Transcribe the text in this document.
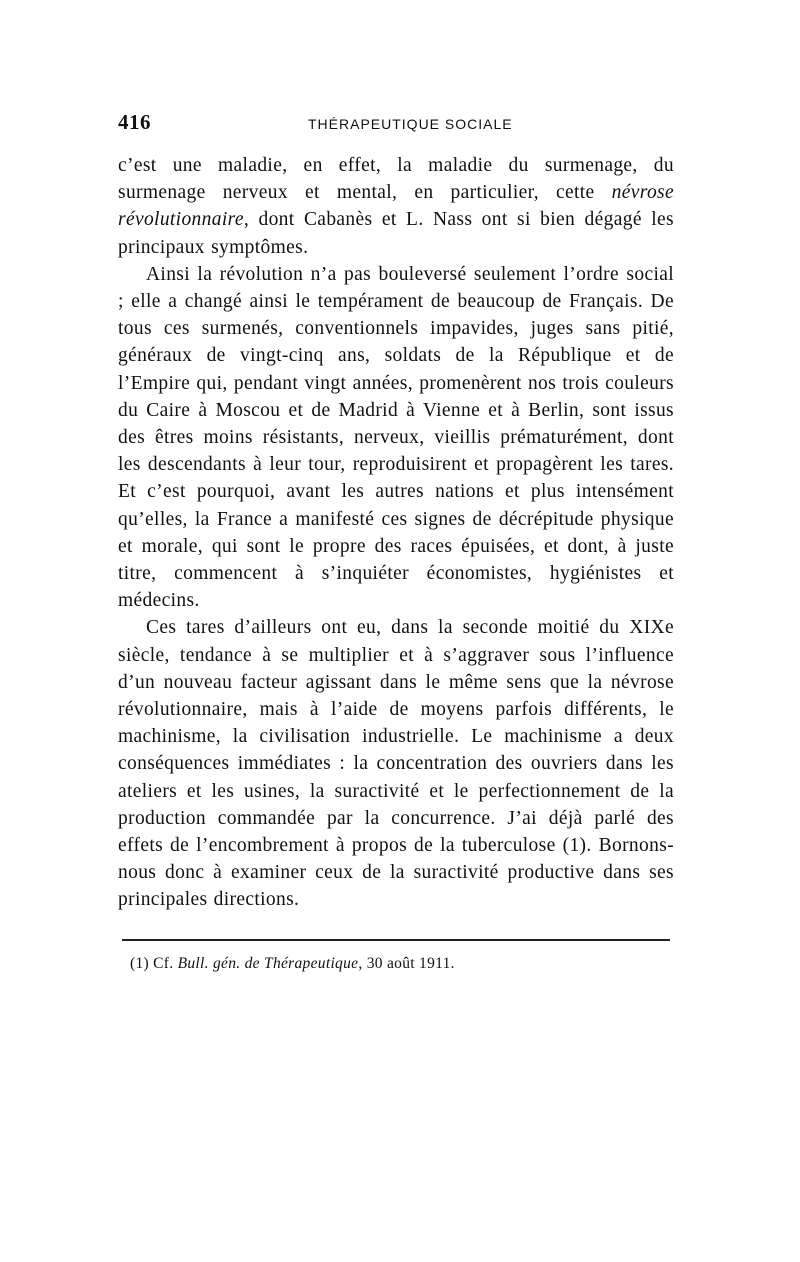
416	THÉRAPEUTIQUE SOCIALE

c’est une maladie, en effet, la maladie du surmenage, du surmenage nerveux et mental, en particulier, cette névrose révolutionnaire, dont Cabanès et L. Nass ont si bien dégagé les principaux symptômes.

Ainsi la révolution n’a pas bouleversé seulement l’ordre social ; elle a changé ainsi le tempérament de beaucoup de Français. De tous ces surmenés, conventionnels impavides, juges sans pitié, généraux de vingt-cinq ans, soldats de la République et de l’Empire qui, pendant vingt années, promenèrent nos trois couleurs du Caire à Moscou et de Madrid à Vienne et à Berlin, sont issus des êtres moins résistants, nerveux, vieillis prématurément, dont les descendants à leur tour, reproduisirent et propagèrent les tares. Et c’est pourquoi, avant les autres nations et plus intensément qu’elles, la France a manifesté ces signes de décrépitude physique et morale, qui sont le propre des races épuisées, et dont, à juste titre, commencent à s’inquiéter économistes, hygiénistes et médecins.

Ces tares d’ailleurs ont eu, dans la seconde moitié du XIXe siècle, tendance à se multiplier et à s’aggraver sous l’influence d’un nouveau facteur agissant dans le même sens que la névrose révolutionnaire, mais à l’aide de moyens parfois différents, le machinisme, la civilisation industrielle. Le machinisme a deux conséquences immédiates : la concentration des ouvriers dans les ateliers et les usines, la suractivité et le perfectionnement de la production commandée par la concurrence. J’ai déjà parlé des effets de l’encombrement à propos de la tuberculose (1). Bornons-nous donc à examiner ceux de la suractivité productive dans ses principales directions.

(1) Cf. Bull. gén. de Thérapeutique, 30 août 1911.
